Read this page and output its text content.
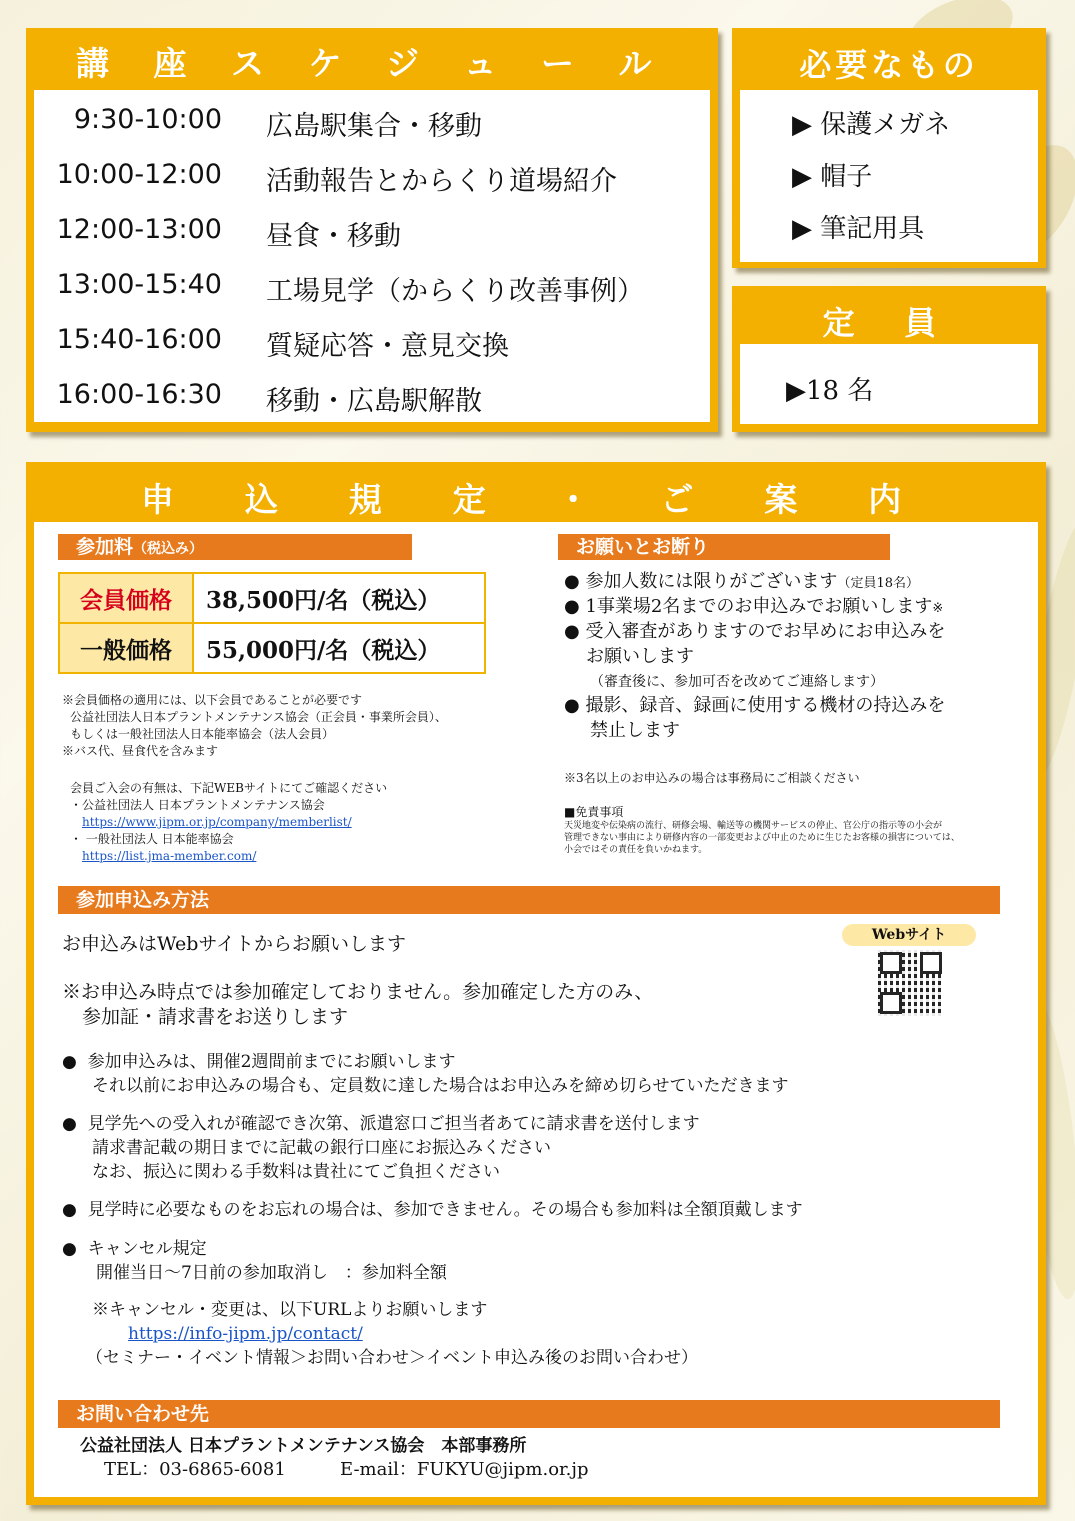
講 座 ス ケ ジ ュ ー ル
9:30-10:00 広島駅集合・移動
10:00-12:00 活動報告とからくり道場紹介
12:00-13:00 昼食・移動
13:00-15:40 工場見学（からくり改善事例）
15:40-16:00 質疑応答・意見交換
16:00-16:30 移動・広島駅解散
必要なもの
▶ 保護メガネ
▶ 帽子
▶ 筆記用具
定 員
▶18 名
申 込 規 定 ・ ご 案 内
参加料（税込み）
会員価格	38,500円/名（税込）
一般価格	55,000円/名（税込）
※会員価格の適用には、以下会員であることが必要です
公益社団法人日本プラントメンテナンス協会（正会員・事業所会員）、
もしくは一般社団法人日本能率協会（法人会員）
※バス代、昼食代を含みます
会員ご入会の有無は、下記WEBサイトにてご確認ください
・公益社団法人 日本プラントメンテナンス協会
https://www.jipm.or.jp/company/memberlist/
・ 一般社団法人 日本能率協会
https://list.jma-member.com/
お願いとお断り
● 参加人数には限りがございます（定員18名）
● 1事業場2名までのお申込みでお願いします※
● 受入審査がありますのでお早めにお申込みを
お願いします
（審査後に、参加可否を改めてご連絡します）
● 撮影、録音、録画に使用する機材の持込みを
禁止します
※3名以上のお申込みの場合は事務局にご相談ください
■免責事項
天災地変や伝染病の流行、研修会場、輸送等の機関サービスの停止、官公庁の指示等の小会が
管理できない事由により研修内容の一部変更および中止のために生じたお客様の損害については、
小会ではその責任を負いかねます。
参加申込み方法
Webサイト
お申込みはWebサイトからお願いします
※お申込み時点では参加確定しておりません。参加確定した方のみ、
参加証・請求書をお送りします
●  参加申込みは、開催2週間前までにお願いします
それ以前にお申込みの場合も、定員数に達した場合はお申込みを締め切らせていただきます
●  見学先への受入れが確認でき次第、派遣窓口ご担当者あてに請求書を送付します
請求書記載の期日までに記載の銀行口座にお振込みください
なお、振込に関わる手数料は貴社にてご負担ください
●  見学時に必要なものをお忘れの場合は、参加できません。その場合も参加料は全額頂戴します
●  キャンセル規定
開催当日～7日前の参加取消し　：参加料全額
※キャンセル・変更は、以下URLよりお願いします
https://info-jipm.jp/contact/
（セミナー・イベント情報＞お問い合わせ＞イベント申込み後のお問い合わせ）
お問い合わせ先
公益社団法人 日本プラントメンテナンス協会　本部事務所
TEL：03-6865-6081	E-mail：FUKYU@jipm.or.jp
